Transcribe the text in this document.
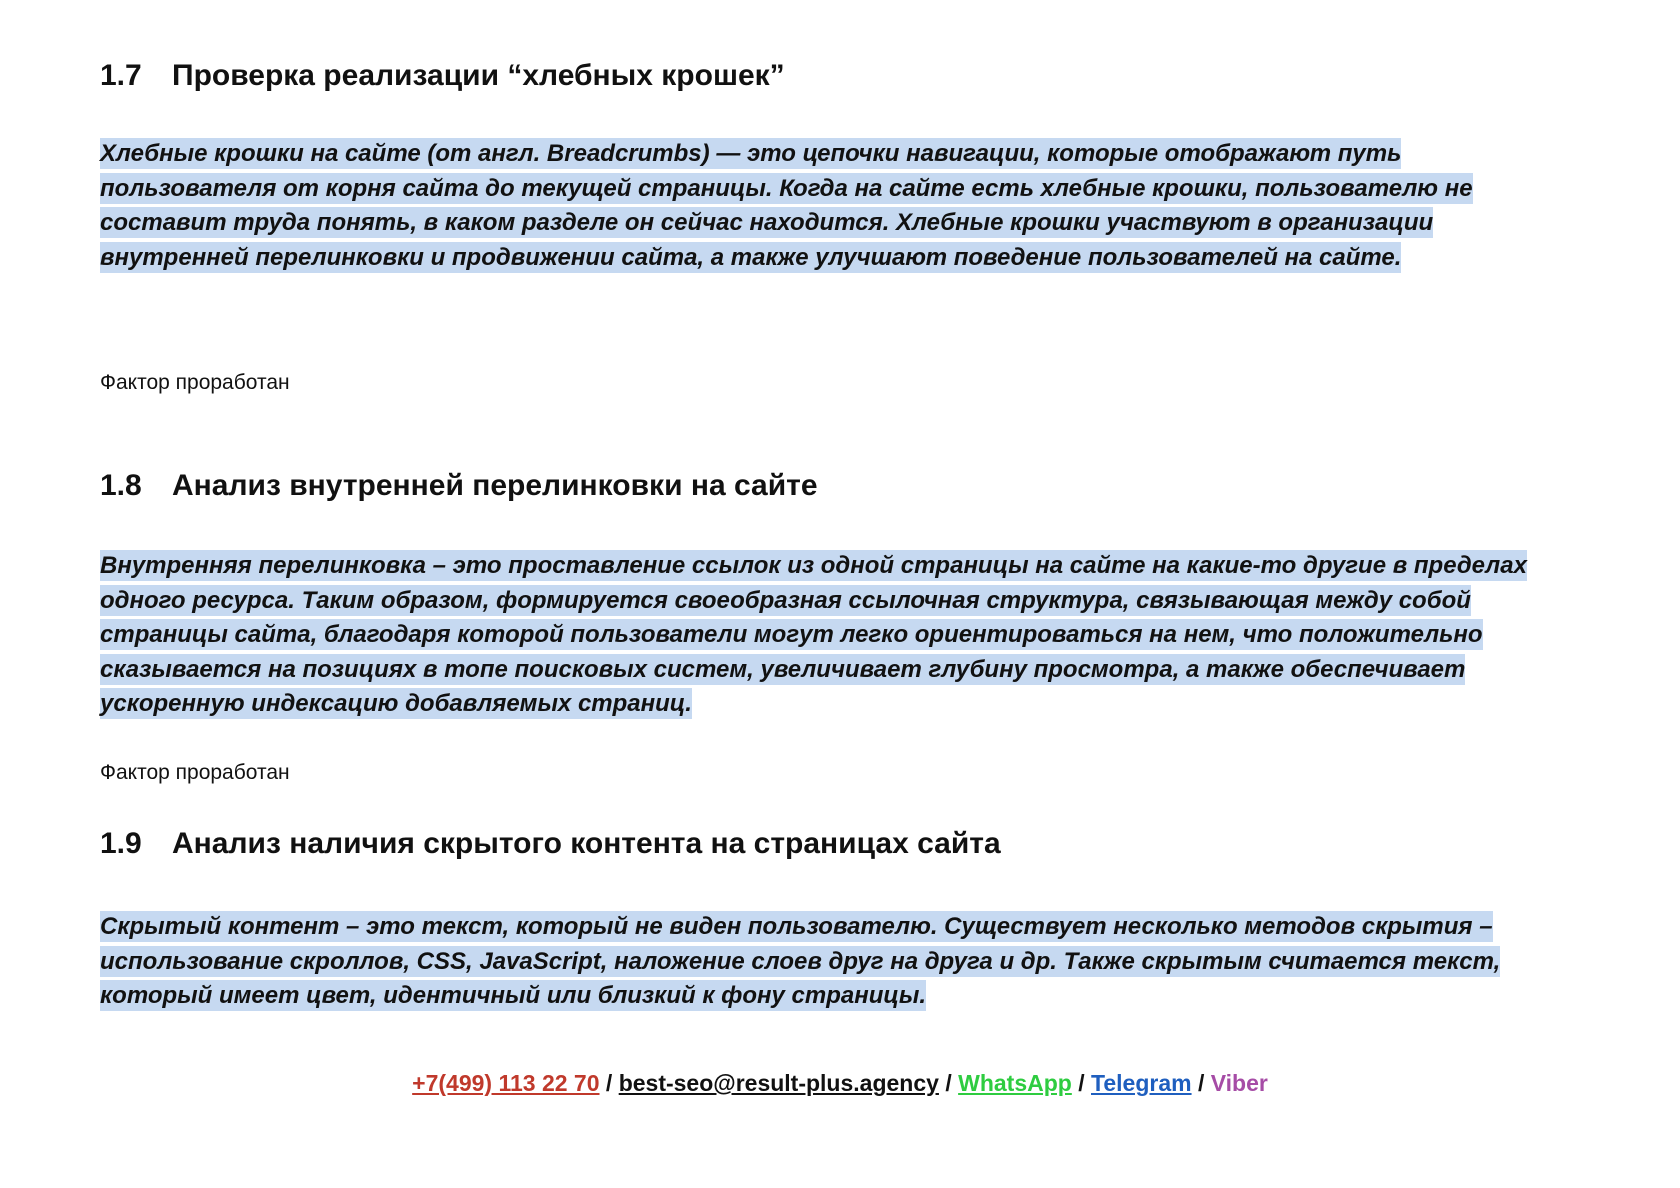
1.7 Проверка реализации “хлебных крошек”

Хлебные крошки на сайте (от англ. Breadcrumbs) — это цепочки навигации, которые отображают путь пользователя от корня сайта до текущей страницы. Когда на сайте есть хлебные крошки, пользователю не составит труда понять, в каком разделе он сейчас находится. Хлебные крошки участвуют в организации внутренней перелинковки и продвижении сайта, а также улучшают поведение пользователей на сайте.

Фактор проработан

1.8 Анализ внутренней перелинковки на сайте

Внутренняя перелинковка – это проставление ссылок из одной страницы на сайте на какие-то другие в пределах одного ресурса. Таким образом, формируется своеобразная ссылочная структура, связывающая между собой страницы сайта, благодаря которой пользователи могут легко ориентироваться на нем, что положительно сказывается на позициях в топе поисковых систем, увеличивает глубину просмотра, а также обеспечивает ускоренную индексацию добавляемых страниц.

Фактор проработан

1.9 Анализ наличия скрытого контента на страницах сайта

Скрытый контент – это текст, который не виден пользователю. Существует несколько методов скрытия – использование скроллов, CSS, JavaScript, наложение слоев друг на друга и др. Также скрытым считается текст, который имеет цвет, идентичный или близкий к фону страницы.

+7(499) 113 22 70 / best-seo@result-plus.agency / WhatsApp / Telegram / Viber
